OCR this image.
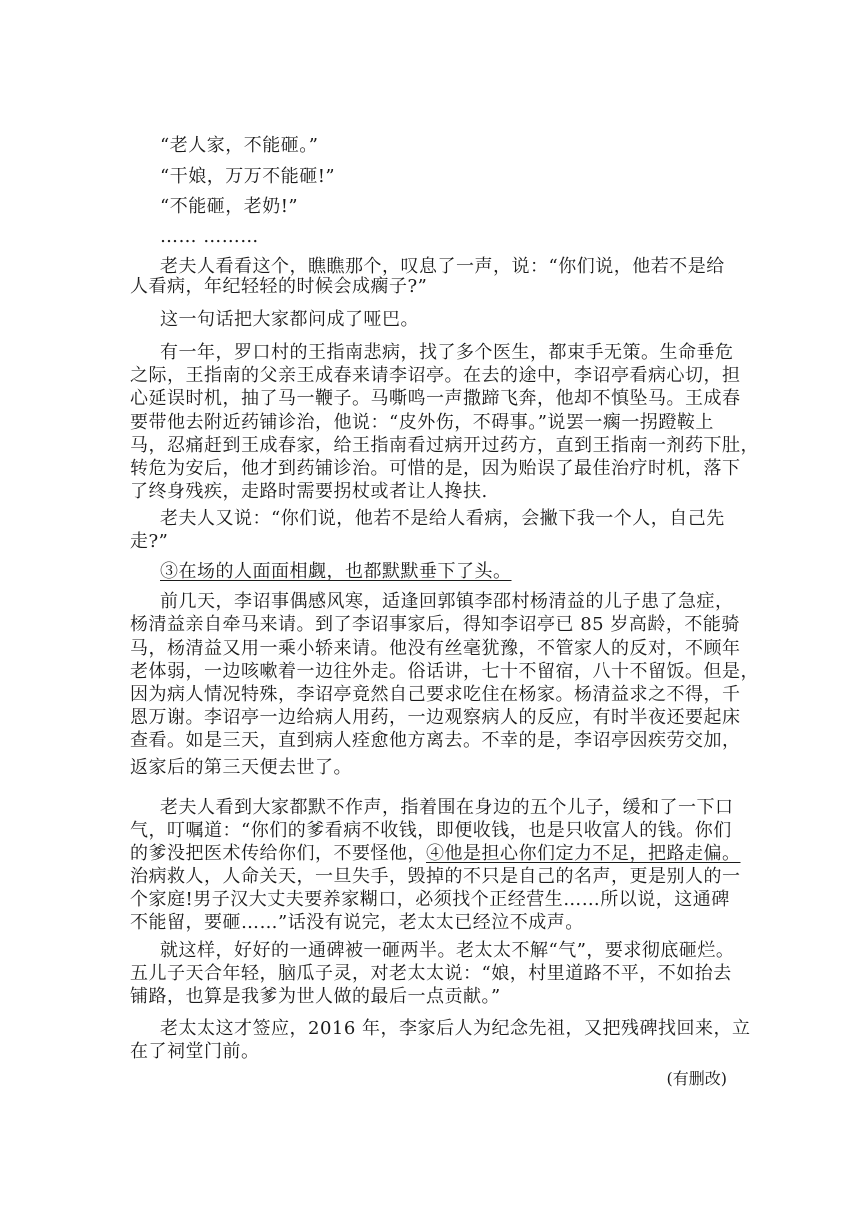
“老人家，不能砸。”
“干娘，万万不能砸!”
“不能砸，老奶!”
…… ………
老夫人看看这个，瞧瞧那个，叹息了一声，说：“你们说，他若不是给
人看病，年纪轻轻的时候会成瘸子?”
这一句话把大家都问成了哑巴。
有一年，罗口村的王指南悲病，找了多个医生，都束手无策。生命垂危
之际，王指南的父亲王成春来请李诏亭。在去的途中，李诏亭看病心切，担
心延误时机，抽了马一鞭子。马嘶鸣一声撒蹄飞奔，他却不慎坠马。王成春
要带他去附近药铺诊治，他说：“皮外伤，不碍事。”说罢一瘸一拐蹬鞍上
马，忍痛赶到王成春家，给王指南看过病开过药方，直到王指南一剂药下肚，
转危为安后，他才到药铺诊治。可惜的是，因为贻误了最佳治疗时机，落下
了终身残疾，走路时需要拐杖或者让人搀扶.
老夫人又说：“你们说，他若不是给人看病，会撇下我一个人，自己先
走?”
③在场的人面面相觑，也都默默垂下了头。
前几天，李诏事偶感风寒，适逢回郭镇李邵村杨清益的儿子患了急症，
杨清益亲自牵马来请。到了李诏事家后，得知李诏亭已 85 岁高龄，不能骑
马，杨清益又用一乘小轿来请。他没有丝毫犹豫，不管家人的反对，不顾年
老体弱，一边咳嗽着一边往外走。俗话讲，七十不留宿，八十不留饭。但是，
因为病人情况特殊，李诏亭竟然自己要求吃住在杨家。杨清益求之不得，千
恩万谢。李诏亭一边给病人用药，一边观察病人的反应，有时半夜还要起床
查看。如是三天，直到病人痊愈他方离去。不幸的是，李诏亭因疾劳交加，
返家后的第三天便去世了。
老夫人看到大家都默不作声，指着围在身边的五个儿子，缓和了一下口
气，叮嘱道：“你们的爹看病不收钱，即便收钱，也是只收富人的钱。你们
的爹没把医术传给你们，不要怪他，④他是担心你们定力不足，把路走偏。
治病救人，人命关天，一旦失手，毁掉的不只是自己的名声，更是别人的一
个家庭!男子汉大丈夫要养家糊口，必须找个正经营生……所以说，这通碑
不能留，要砸……”话没有说完，老太太已经泣不成声。
就这样，好好的一通碑被一砸两半。老太太不解“气”，要求彻底砸烂。
五儿子天合年轻，脑瓜子灵，对老太太说：“娘，村里道路不平，不如抬去
铺路，也算是我爹为世人做的最后一点贡献。”
老太太这才签应，2016 年，李家后人为纪念先祖，又把残碑找回来，立
在了祠堂门前。
(有删改)
